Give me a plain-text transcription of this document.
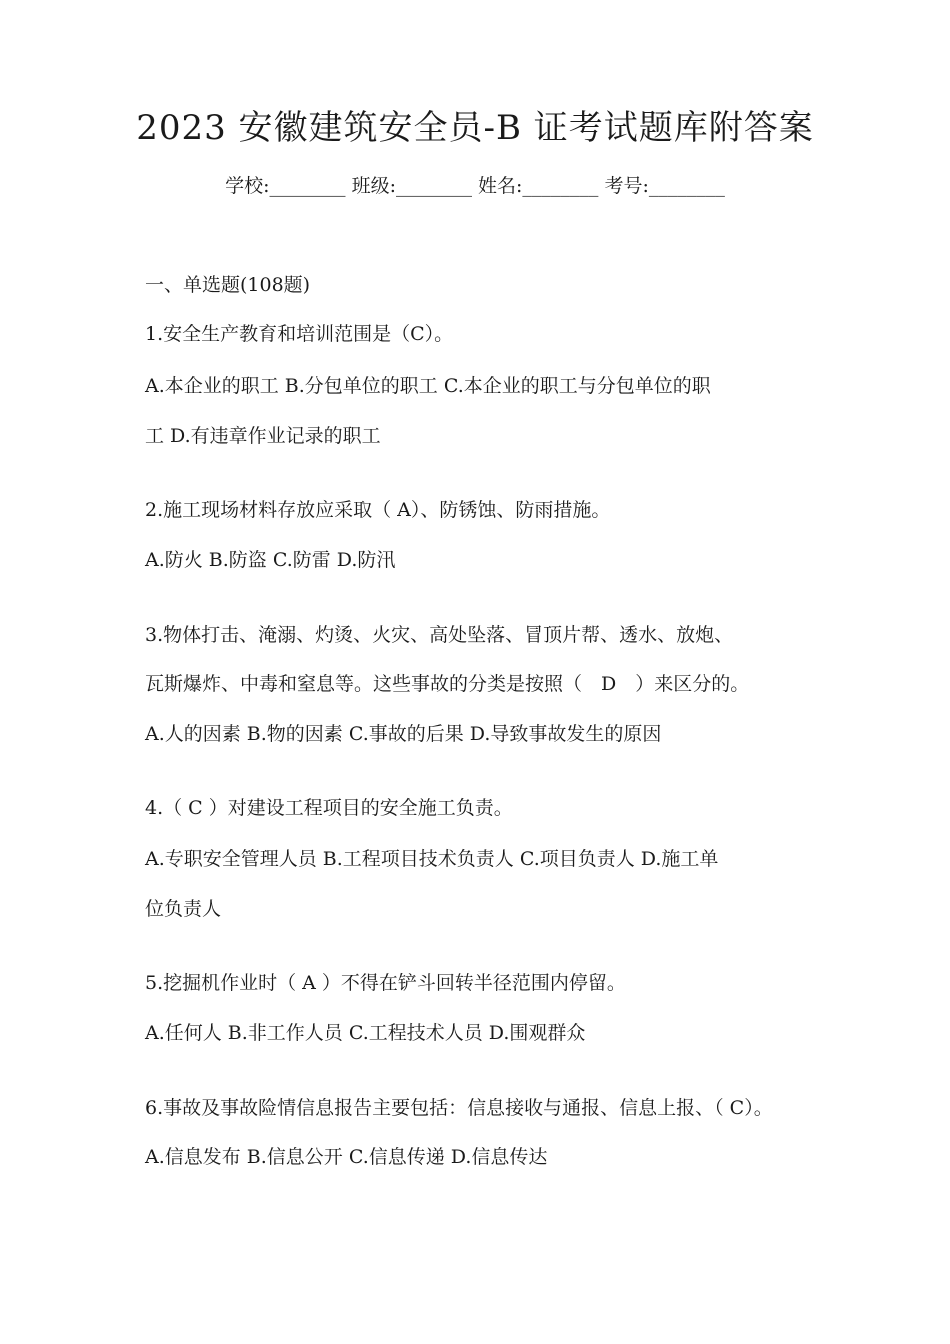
2023 安徽建筑安全员-B 证考试题库附答案
学校:________ 班级:________ 姓名:________ 考号:________
一、单选题(108题)
1.安全生产教育和培训范围是（C）。
A.本企业的职工 B.分包单位的职工 C.本企业的职工与分包单位的职
工 D.有违章作业记录的职工
2.施工现场材料存放应采取（ A）、防锈蚀、防雨措施。
A.防火 B.防盗 C.防雷 D.防汛
3.物体打击、淹溺、灼烫、火灾、高处坠落、冒顶片帮、透水、放炮、
瓦斯爆炸、中毒和窒息等。这些事故的分类是按照（　D　）来区分的。
A.人的因素 B.物的因素 C.事故的后果 D.导致事故发生的原因
4.（ C ）对建设工程项目的安全施工负责。
A.专职安全管理人员 B.工程项目技术负责人 C.项目负责人 D.施工单
位负责人
5.挖掘机作业时（ A ）不得在铲斗回转半径范围内停留。
A.任何人 B.非工作人员 C.工程技术人员 D.围观群众
6.事故及事故险情信息报告主要包括：信息接收与通报、信息上报、（ C）。
A.信息发布 B.信息公开 C.信息传递 D.信息传达
